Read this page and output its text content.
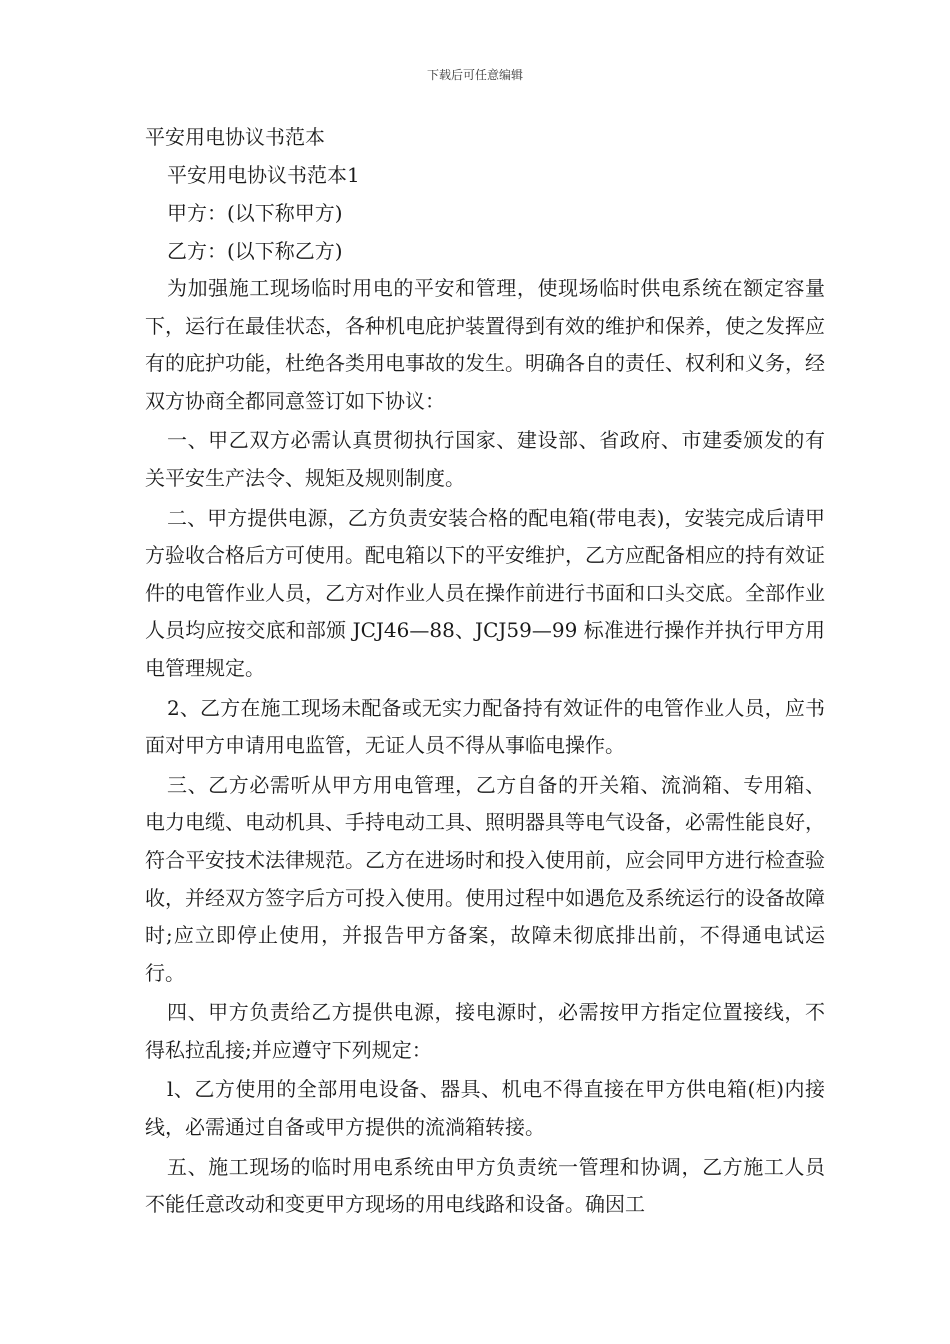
下载后可任意编辑
平安用电协议书范本

平安用电协议书范本1

甲方：(以下称甲方)

乙方：(以下称乙方)

为加强施工现场临时用电的平安和管理，使现场临时供电系统在额定容量下，运行在最佳状态，各种机电庇护装置得到有效的维护和保养，使之发挥应有的庇护功能，杜绝各类用电事故的发生。明确各自的责任、权利和义务，经双方协商全都同意签订如下协议：

一、甲乙双方必需认真贯彻执行国家、建设部、省政府、市建委颁发的有关平安生产法令、规矩及规则制度。

二、甲方提供电源，乙方负责安装合格的配电箱(带电表)，安装完成后请甲方验收合格后方可使用。配电箱以下的平安维护，乙方应配备相应的持有效证件的电管作业人员，乙方对作业人员在操作前进行书面和口头交底。全部作业人员均应按交底和部颁 JCJ46—88、JCJ59—99 标准进行操作并执行甲方用电管理规定。

2、乙方在施工现场未配备或无实力配备持有效证件的电管作业人员，应书面对甲方申请用电监管，无证人员不得从事临电操作。

三、乙方必需听从甲方用电管理，乙方自备的开关箱、流淌箱、专用箱、电力电缆、电动机具、手持电动工具、照明器具等电气设备，必需性能良好，符合平安技术法律规范。乙方在进场时和投入使用前，应会同甲方进行检查验收，并经双方签字后方可投入使用。使用过程中如遇危及系统运行的设备故障时;应立即停止使用，并报告甲方备案，故障未彻底排出前，不得通电试运行。

四、甲方负责给乙方提供电源，接电源时，必需按甲方指定位置接线，不得私拉乱接;并应遵守下列规定：

l、乙方使用的全部用电设备、器具、机电不得直接在甲方供电箱(柜)内接线，必需通过自备或甲方提供的流淌箱转接。

五、施工现场的临时用电系统由甲方负责统一管理和协调，乙方施工人员不能任意改动和变更甲方现场的用电线路和设备。确因工
